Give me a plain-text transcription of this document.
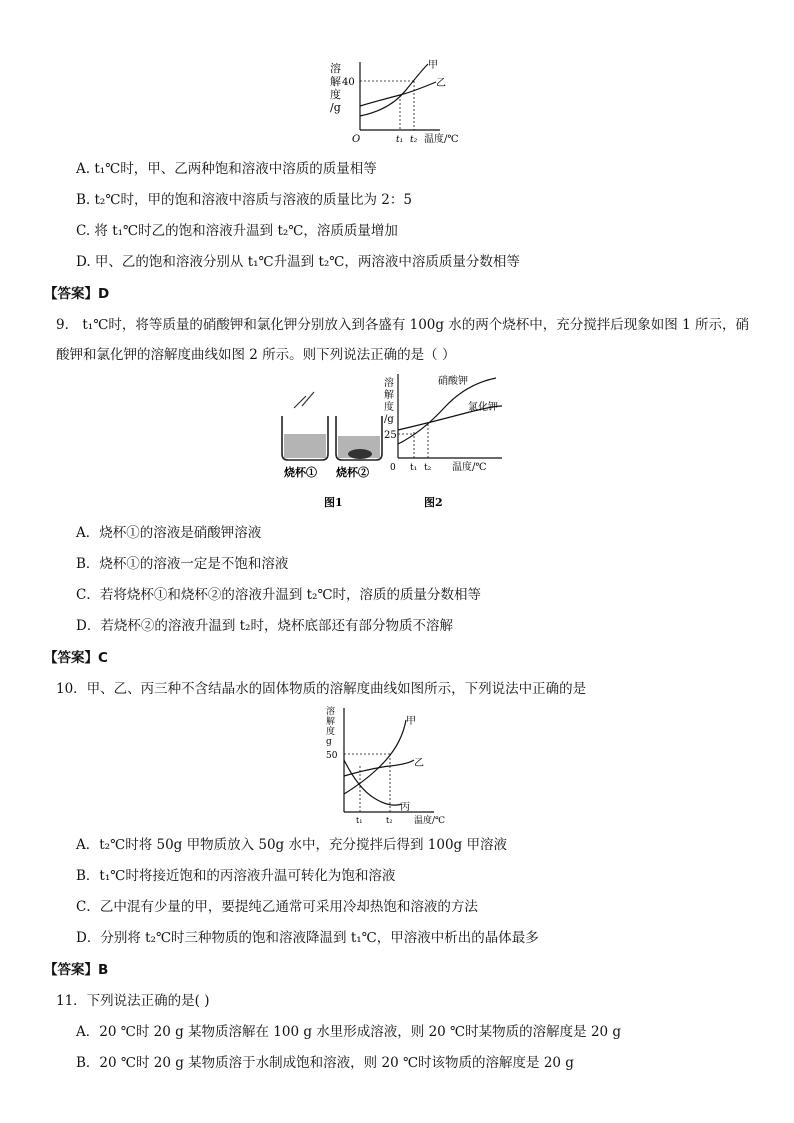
溶
解
度
/g
40
甲
乙
O	t₁ t₂ 温度/℃
A. t₁℃时，甲、乙两种饱和溶液中溶质的质量相等
B. t₂℃时，甲的饱和溶液中溶质与溶液的质量比为 2：5
C. 将 t₁℃时乙的饱和溶液升温到 t₂℃，溶质质量增加
D. 甲、乙的饱和溶液分别从 t₁℃升温到 t₂℃，两溶液中溶质质量分数相等
【答案】D
9． t₁℃时，将等质量的硝酸钾和氯化钾分别放入到各盛有 100g 水的两个烧杯中，充分搅拌后现象如图 1 所示，硝
酸钾和氯化钾的溶解度曲线如图 2 所示。则下列说法正确的是（ ）
烧杯① 烧杯②
图1	图2
溶
解
度
/g
25
硝酸钾
氯化钾
0 t₁ t₂ 温度/℃
A．烧杯①的溶液是硝酸钾溶液
B．烧杯①的溶液一定是不饱和溶液
C．若将烧杯①和烧杯②的溶液升温到 t₂℃时，溶质的质量分数相等
D．若烧杯②的溶液升温到 t₂时，烧杯底部还有部分物质不溶解
【答案】C
10．甲、乙、丙三种不含结晶水的固体物质的溶解度曲线如图所示，下列说法中正确的是
溶
解
度
g
50
甲
乙
丙
t₁	t₂ 温度/℃
A．t₂℃时将 50g 甲物质放入 50g 水中，充分搅拌后得到 100g 甲溶液
B．t₁℃时将接近饱和的丙溶液升温可转化为饱和溶液
C．乙中混有少量的甲，要提纯乙通常可采用冷却热饱和溶液的方法
D．分别将 t₂℃时三种物质的饱和溶液降温到 t₁℃，甲溶液中析出的晶体最多
【答案】B
11．下列说法正确的是( )
A．20 ℃时 20 g 某物质溶解在 100 g 水里形成溶液，则 20 ℃时某物质的溶解度是 20 g
B．20 ℃时 20 g 某物质溶于水制成饱和溶液，则 20 ℃时该物质的溶解度是 20 g
